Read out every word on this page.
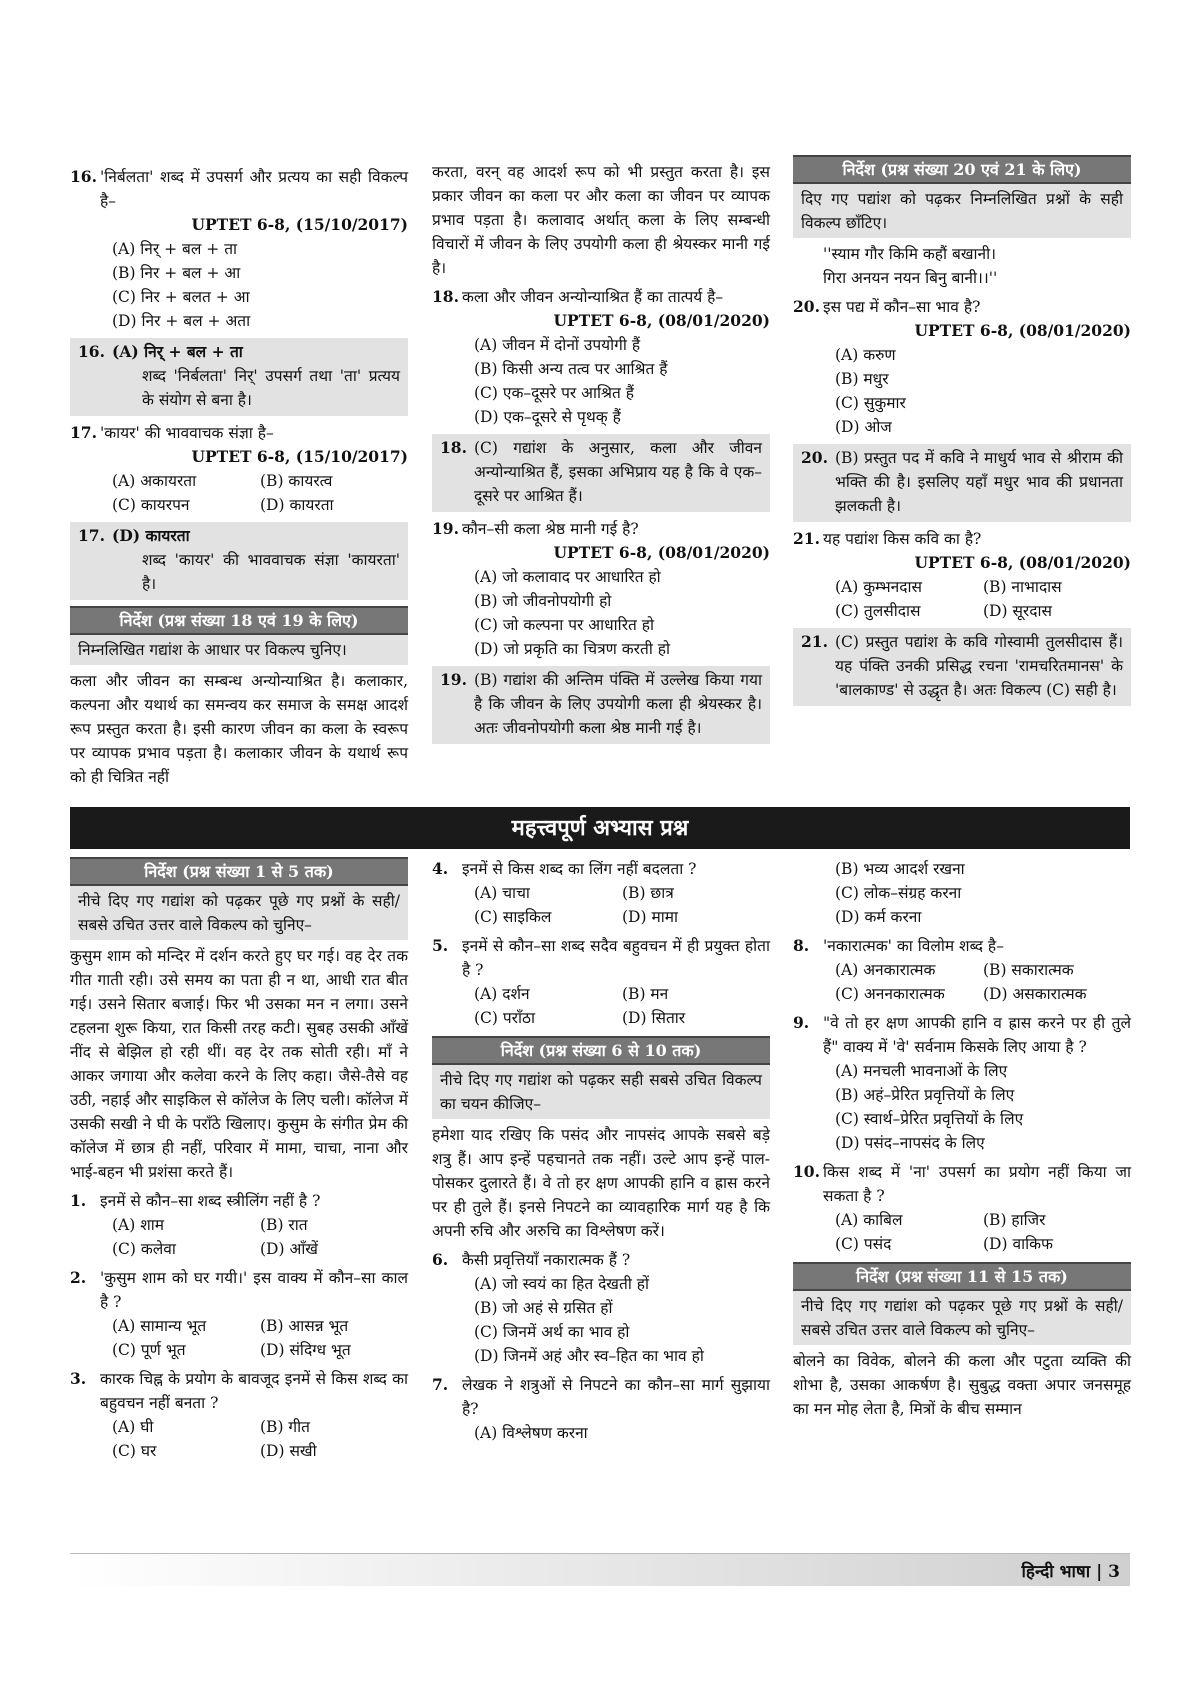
16. 'निर्बलता' शब्द में उपसर्ग और प्रत्यय का सही विकल्प है–
UPTET 6-8, (15/10/2017)
(A) निर् + बल + ता
(B) निर + बल + आ
(C) निर + बलत + आ
(D) निर + बल + अता
16. (A) निर् + बल + ता
शब्द 'निर्बलता' निर्' उपसर्ग तथा 'ता' प्रत्यय के संयोग से बना है।
17. 'कायर' की भाववाचक संज्ञा है–
UPTET 6-8, (15/10/2017)
(A) अकायरता	(B) कायरत्व
(C) कायरपन	(D) कायरता
17. (D) कायरता
शब्द 'कायर' की भाववाचक संज्ञा 'कायरता' है।
निर्देश (प्रश्न संख्या 18 एवं 19 के लिए)
निम्नलिखित गद्यांश के आधार पर विकल्प चुनिए।
कला और जीवन का सम्बन्ध अन्योन्याश्रित है। कलाकार, कल्पना और यथार्थ का समन्वय कर समाज के समक्ष आदर्श रूप प्रस्तुत करता है। इसी कारण जीवन का कला के स्वरूप पर व्यापक प्रभाव पड़ता है। कलाकार जीवन के यथार्थ रूप को ही चित्रित नहीं
करता, वरन् वह आदर्श रूप को भी प्रस्तुत करता है। इस प्रकार जीवन का कला पर और कला का जीवन पर व्यापक प्रभाव पड़ता है। कलावाद अर्थात् कला के लिए सम्बन्धी विचारों में जीवन के लिए उपयोगी कला ही श्रेयस्कर मानी गई है।
18. कला और जीवन अन्योन्याश्रित हैं का तात्पर्य है–
UPTET 6-8, (08/01/2020)
(A) जीवन में दोनों उपयोगी हैं
(B) किसी अन्य तत्व पर आश्रित हैं
(C) एक–दूसरे पर आश्रित हैं
(D) एक–दूसरे से पृथक् हैं
18. (C) गद्यांश के अनुसार, कला और जीवन अन्योन्याश्रित हैं, इसका अभिप्राय यह है कि वे एक–दूसरे पर आश्रित हैं।
19. कौन–सी कला श्रेष्ठ मानी गई है?
UPTET 6-8, (08/01/2020)
(A) जो कलावाद पर आधारित हो
(B) जो जीवनोपयोगी हो
(C) जो कल्पना पर आधारित हो
(D) जो प्रकृति का चित्रण करती हो
19. (B) गद्यांश की अन्तिम पंक्ति में उल्लेख किया गया है कि जीवन के लिए उपयोगी कला ही श्रेयस्कर है। अतः जीवनोपयोगी कला श्रेष्ठ मानी गई है।
निर्देश (प्रश्न संख्या 20 एवं 21 के लिए)
दिए गए पद्यांश को पढ़कर निम्नलिखित प्रश्नों के सही विकल्प छाँटिए।
''स्याम गौर किमि कहौं बखानी।
गिरा अनयन नयन बिनु बानी।।''
20. इस पद्य में कौन–सा भाव है?
UPTET 6-8, (08/01/2020)
(A) करुण
(B) मधुर
(C) सुकुमार
(D) ओज
20. (B) प्रस्तुत पद में कवि ने माधुर्य भाव से श्रीराम की भक्ति की है। इसलिए यहाँ मधुर भाव की प्रधानता झलकती है।
21. यह पद्यांश किस कवि का है?
UPTET 6-8, (08/01/2020)
(A) कुम्भनदास	(B) नाभादास
(C) तुलसीदास	(D) सूरदास
21. (C) प्रस्तुत पद्यांश के कवि गोस्वामी तुलसीदास हैं। यह पंक्ति उनकी प्रसिद्ध रचना 'रामचरितमानस' के 'बालकाण्ड' से उद्धृत है। अतः विकल्प (C) सही है।
महत्त्वपूर्ण अभ्यास प्रश्न
निर्देश (प्रश्न संख्या 1 से 5 तक)
नीचे दिए गए गद्यांश को पढ़कर पूछे गए प्रश्नों के सही/सबसे उचित उत्तर वाले विकल्प को चुनिए–
कुसुम शाम को मन्दिर में दर्शन करते हुए घर गई। वह देर तक गीत गाती रही। उसे समय का पता ही न था, आधी रात बीत गई। उसने सितार बजाई। फिर भी उसका मन न लगा। उसने टहलना शुरू किया, रात किसी तरह कटी। सुबह उसकी आँखें नींद से बेझिल हो रही थीं। वह देर तक सोती रही। माँ ने आकर जगाया और कलेवा करने के लिए कहा। जैसे-तैसे वह उठी, नहाई और साइकिल से कॉलेज के लिए चली। कॉलेज में उसकी सखी ने घी के पराँठे खिलाए। कुसुम के संगीत प्रेम की कॉलेज में छात्र ही नहीं, परिवार में मामा, चाचा, नाना और भाई-बहन भी प्रशंसा करते हैं।
1. इनमें से कौन–सा शब्द स्त्रीलिंग नहीं है ?
(A) शाम	(B) रात
(C) कलेवा	(D) आँखें
2. 'कुसुम शाम को घर गयी।' इस वाक्य में कौन–सा काल है ?
(A) सामान्य भूत	(B) आसन्न भूत
(C) पूर्ण भूत	(D) संदिग्ध भूत
3. कारक चिह्न के प्रयोग के बावजूद इनमें से किस शब्द का बहुवचन नहीं बनता ?
(A) घी	(B) गीत
(C) घर	(D) सखी
4. इनमें से किस शब्द का लिंग नहीं बदलता ?
(A) चाचा	(B) छात्र
(C) साइकिल	(D) मामा
5. इनमें से कौन–सा शब्द सदैव बहुवचन में ही प्रयुक्त होता है ?
(A) दर्शन	(B) मन
(C) पराँठा	(D) सितार
निर्देश (प्रश्न संख्या 6 से 10 तक)
नीचे दिए गए गद्यांश को पढ़कर सही सबसे उचित विकल्प का चयन कीजिए–
हमेशा याद रखिए कि पसंद और नापसंद आपके सबसे बड़े शत्रु हैं। आप इन्हें पहचानते तक नहीं। उल्टे आप इन्हें पाल-पोसकर दुलारते हैं। वे तो हर क्षण आपकी हानि व ह्रास करने पर ही तुले हैं। इनसे निपटने का व्यावहारिक मार्ग यह है कि अपनी रुचि और अरुचि का विश्लेषण करें।
6. कैसी प्रवृत्तियाँ नकारात्मक हैं ?
(A) जो स्वयं का हित देखती हों
(B) जो अहं से ग्रसित हों
(C) जिनमें अर्थ का भाव हो
(D) जिनमें अहं और स्व–हित का भाव हो
7. लेखक ने शत्रुओं से निपटने का कौन–सा मार्ग सुझाया है?
(A) विश्लेषण करना
(B) भव्य आदर्श रखना
(C) लोक–संग्रह करना
(D) कर्म करना
8. 'नकारात्मक' का विलोम शब्द है–
(A) अनकारात्मक	(B) सकारात्मक
(C) अननकारात्मक	(D) असकारात्मक
9. "वे तो हर क्षण आपकी हानि व ह्रास करने पर ही तुले हैं" वाक्य में 'वे' सर्वनाम किसके लिए आया है ?
(A) मनचली भावनाओं के लिए
(B) अहं–प्रेरित प्रवृत्तियों के लिए
(C) स्वार्थ–प्रेरित प्रवृत्तियों के लिए
(D) पसंद–नापसंद के लिए
10. किस शब्द में 'ना' उपसर्ग का प्रयोग नहीं किया जा सकता है ?
(A) काबिल	(B) हाजिर
(C) पसंद	(D) वाकिफ
निर्देश (प्रश्न संख्या 11 से 15 तक)
नीचे दिए गए गद्यांश को पढ़कर पूछे गए प्रश्नों के सही/सबसे उचित उत्तर वाले विकल्प को चुनिए–
बोलने का विवेक, बोलने की कला और पटुता व्यक्ति की शोभा है, उसका आकर्षण है। सुबुद्ध वक्ता अपार जनसमूह का मन मोह लेता है, मित्रों के बीच सम्मान
हिन्दी भाषा | 3
